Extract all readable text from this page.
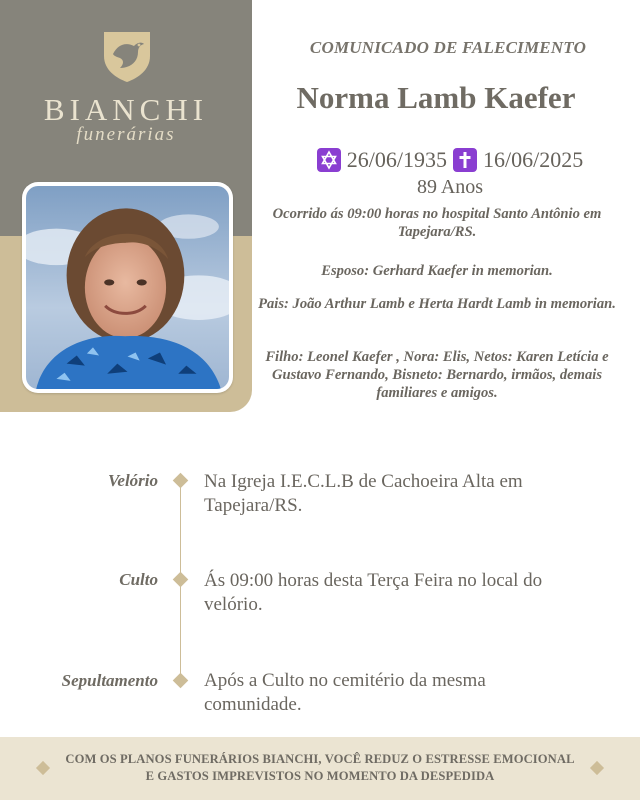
BIANCHI
funerárias
COMUNICADO DE FALECIMENTO
Norma Lamb Kaefer
26/06/1935 16/06/2025
89 Anos
Ocorrido ás 09:00 horas no hospital Santo Antônio em Tapejara/RS.
Esposo: Gerhard Kaefer in memorian.
Pais: João Arthur Lamb e Herta Hardt Lamb in memorian.
Filho: Leonel Kaefer , Nora: Elis, Netos: Karen Letícia e Gustavo Fernando, Bisneto: Bernardo, irmãos, demais familiares e amigos.
Velório Na Igreja I.E.C.L.B de Cachoeira Alta em Tapejara/RS.
Culto Ás 09:00 horas desta Terça Feira no local do velório.
Sepultamento Após a Culto no cemitério da mesma comunidade.
COM OS PLANOS FUNERÁRIOS BIANCHI, VOCÊ REDUZ O ESTRESSE EMOCIONAL E GASTOS IMPREVISTOS NO MOMENTO DA DESPEDIDA
